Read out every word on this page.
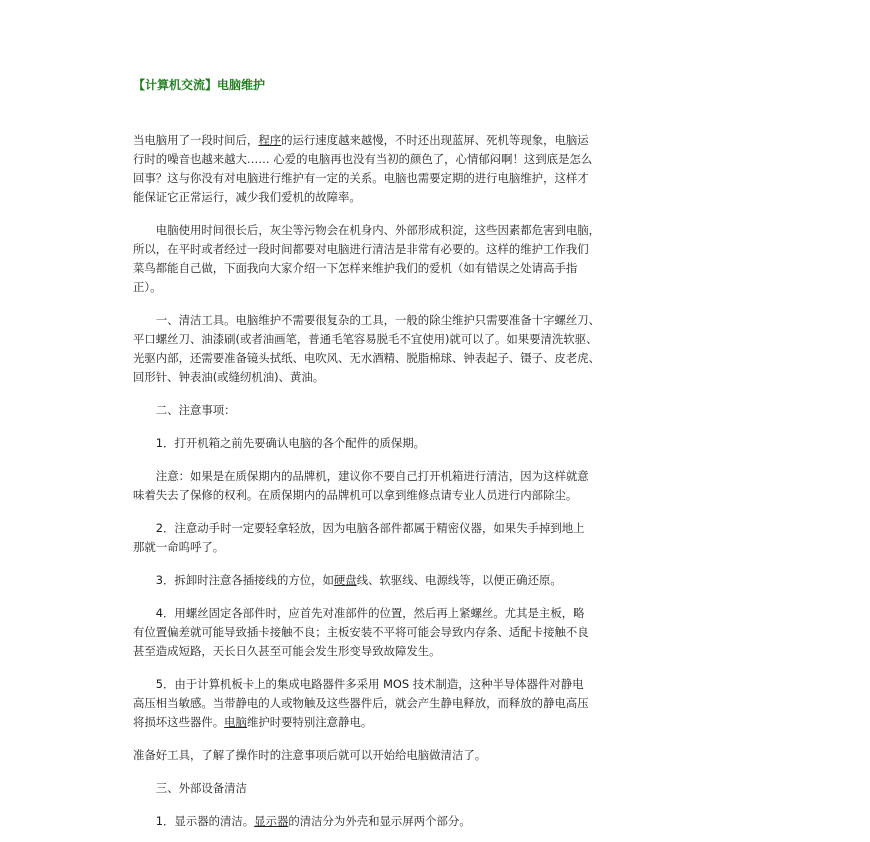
【计算机交流】电脑维护

当电脑用了一段时间后，程序的运行速度越来越慢，不时还出现蓝屏、死机等现象，电脑运
行时的噪音也越来越大…… 心爱的电脑再也没有当初的颜色了，心情郁闷啊！这到底是怎么
回事？这与你没有对电脑进行维护有一定的关系。电脑也需要定期的进行电脑维护，这样才
能保证它正常运行，减少我们爱机的故障率。

电脑使用时间很长后，灰尘等污物会在机身内、外部形成积淀，这些因素都危害到电脑，
所以，在平时或者经过一段时间都要对电脑进行清洁是非常有必要的。这样的维护工作我们
菜鸟都能自己做，下面我向大家介绍一下怎样来维护我们的爱机（如有错误之处请高手指
正）。

一、清洁工具。电脑维护不需要很复杂的工具，一般的除尘维护只需要准备十字螺丝刀、
平口螺丝刀、油漆刷(或者油画笔，普通毛笔容易脱毛不宜使用)就可以了。如果要清洗软驱、
光驱内部，还需要准备镜头拭纸、电吹风、无水酒精、脱脂棉球、钟表起子、镊子、皮老虎、
回形针、钟表油(或缝纫机油)、黄油。

二、注意事项：

1．打开机箱之前先要确认电脑的各个配件的质保期。

注意：如果是在质保期内的品牌机，建议你不要自己打开机箱进行清洁，因为这样就意
味着失去了保修的权利。在质保期内的品牌机可以拿到维修点请专业人员进行内部除尘。

2．注意动手时一定要轻拿轻放，因为电脑各部件都属于精密仪器，如果失手掉到地上
那就一命呜呼了。

3．拆卸时注意各插接线的方位，如硬盘线、软驱线、电源线等，以便正确还原。

4．用螺丝固定各部件时，应首先对准部件的位置，然后再上紧螺丝。尤其是主板，略
有位置偏差就可能导致插卡接触不良；主板安装不平将可能会导致内存条、适配卡接触不良
甚至造成短路，天长日久甚至可能会发生形变导致故障发生。

5．由于计算机板卡上的集成电路器件多采用 MOS 技术制造，这种半导体器件对静电
高压相当敏感。当带静电的人或物触及这些器件后，就会产生静电释放，而释放的静电高压
将损坏这些器件。电脑维护时要特别注意静电。

准备好工具，了解了操作时的注意事项后就可以开始给电脑做清洁了。

三、外部设备清洁

1．显示器的清洁。显示器的清洁分为外壳和显示屏两个部分。
